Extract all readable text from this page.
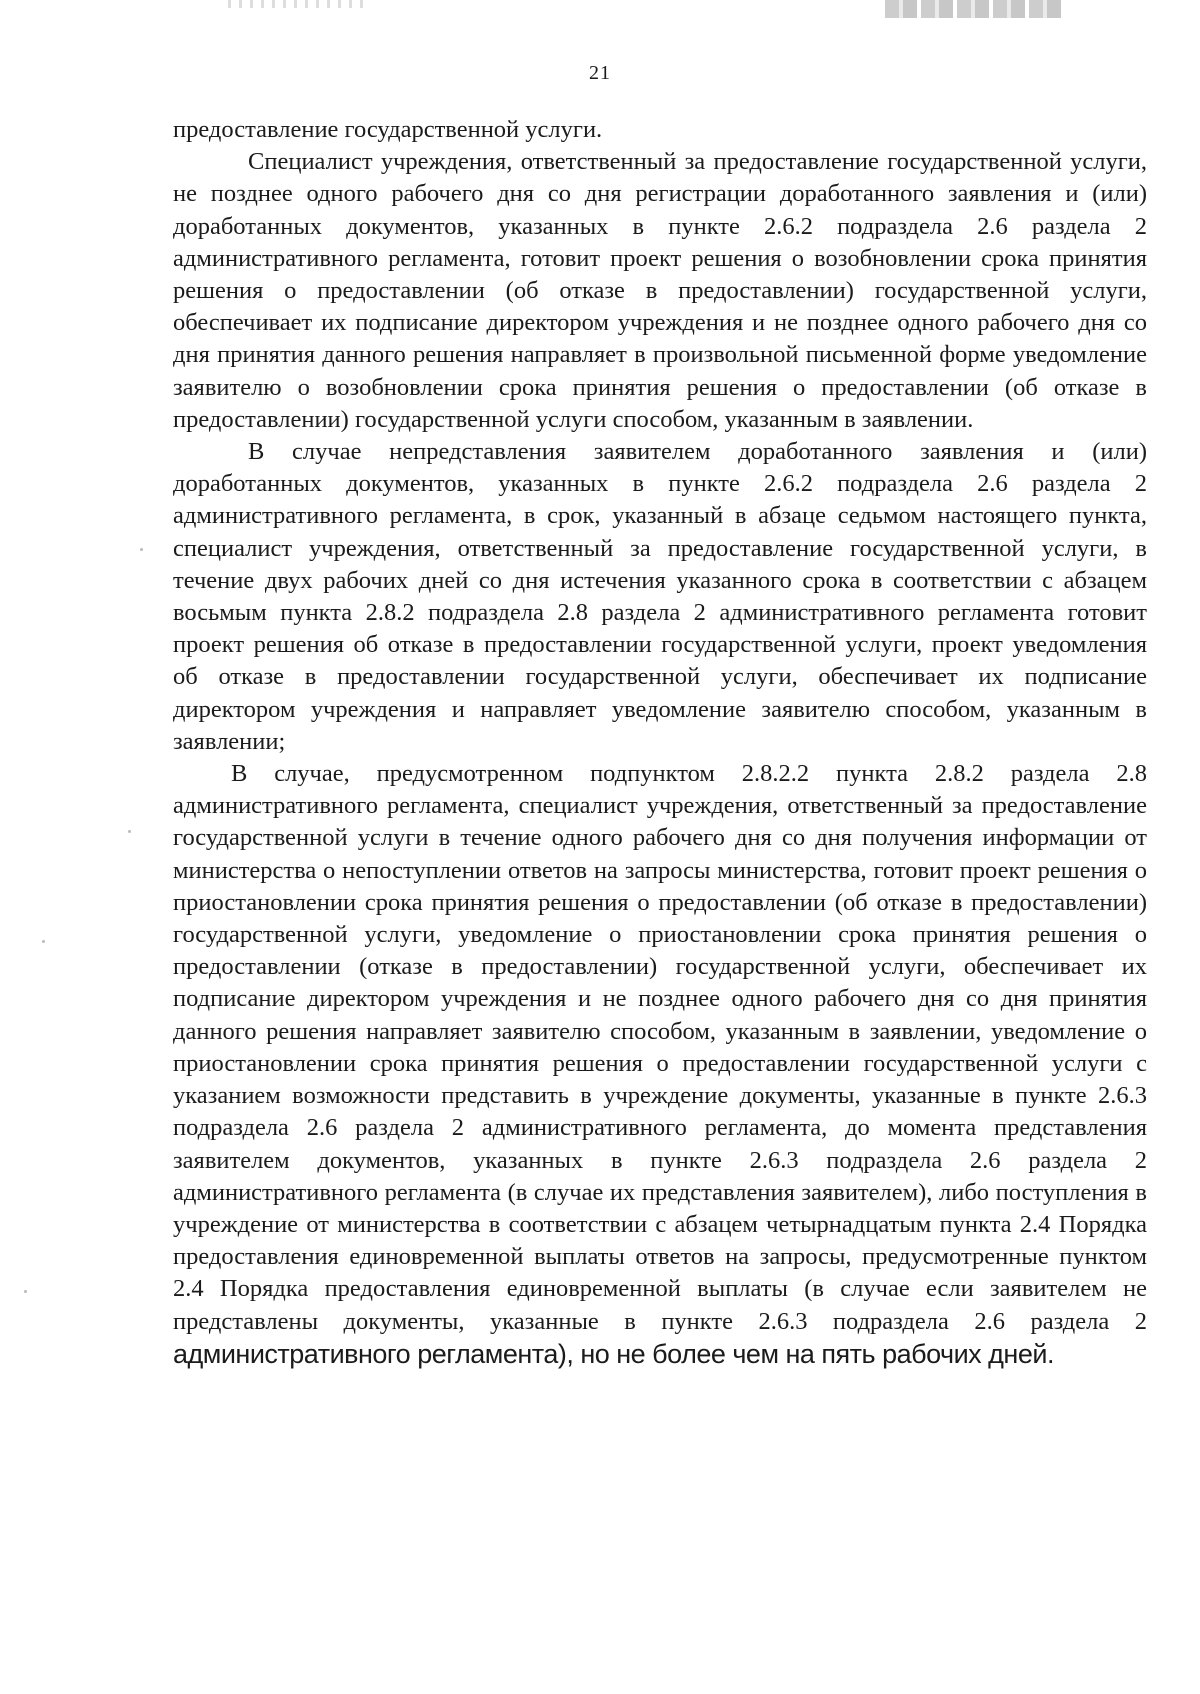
21

предоставление государственной услуги.

Специалист учреждения, ответственный за предоставление государственной услуги, не позднее одного рабочего дня со дня регистрации доработанного заявления и (или) доработанных документов, указанных в пункте 2.6.2 подраздела 2.6 раздела 2 административного регламента, готовит проект решения о возобновлении срока принятия решения о предоставлении (об отказе в предоставлении) государственной услуги, обеспечивает их подписание директором учреждения и не позднее одного рабочего дня со дня принятия данного решения направляет в произвольной письменной форме уведомление заявителю о возобновлении срока принятия решения о предоставлении (об отказе в предоставлении) государственной услуги способом, указанным в заявлении.

В случае непредставления заявителем доработанного заявления и (или) доработанных документов, указанных в пункте 2.6.2 подраздела 2.6 раздела 2 административного регламента, в срок, указанный в абзаце седьмом настоящего пункта, специалист учреждения, ответственный за предоставление государственной услуги, в течение двух рабочих дней со дня истечения указанного срока в соответствии с абзацем восьмым пункта 2.8.2 подраздела 2.8 раздела 2 административного регламента готовит проект решения об отказе в предоставлении государственной услуги, проект уведомления об отказе в предоставлении государственной услуги, обеспечивает их подписание директором учреждения и направляет уведомление заявителю способом, указанным в заявлении;

В случае, предусмотренном подпунктом 2.8.2.2 пункта 2.8.2 раздела 2.8 административного регламента, специалист учреждения, ответственный за предоставление государственной услуги в течение одного рабочего дня со дня получения информации от министерства о непоступлении ответов на запросы министерства, готовит проект решения о приостановлении срока принятия решения о предоставлении (об отказе в предоставлении) государственной услуги, уведомление о приостановлении срока принятия решения о предоставлении (отказе в предоставлении) государственной услуги, обеспечивает их подписание директором учреждения и не позднее одного рабочего дня со дня принятия данного решения направляет заявителю способом, указанным в заявлении, уведомление о приостановлении срока принятия решения о предоставлении государственной услуги с указанием возможности представить в учреждение документы, указанные в пункте 2.6.3 подраздела 2.6 раздела 2 административного регламента, до момента представления заявителем документов, указанных в пункте 2.6.3 подраздела 2.6 раздела 2 административного регламента (в случае их представления заявителем), либо поступления в учреждение от министерства в соответствии с абзацем четырнадцатым пункта 2.4 Порядка предоставления единовременной выплаты ответов на запросы, предусмотренные пунктом 2.4 Порядка предоставления единовременной выплаты (в случае если заявителем не представлены документы, указанные в пункте 2.6.3 подраздела 2.6 раздела 2 административного регламента), но не более чем на пять рабочих дней.
